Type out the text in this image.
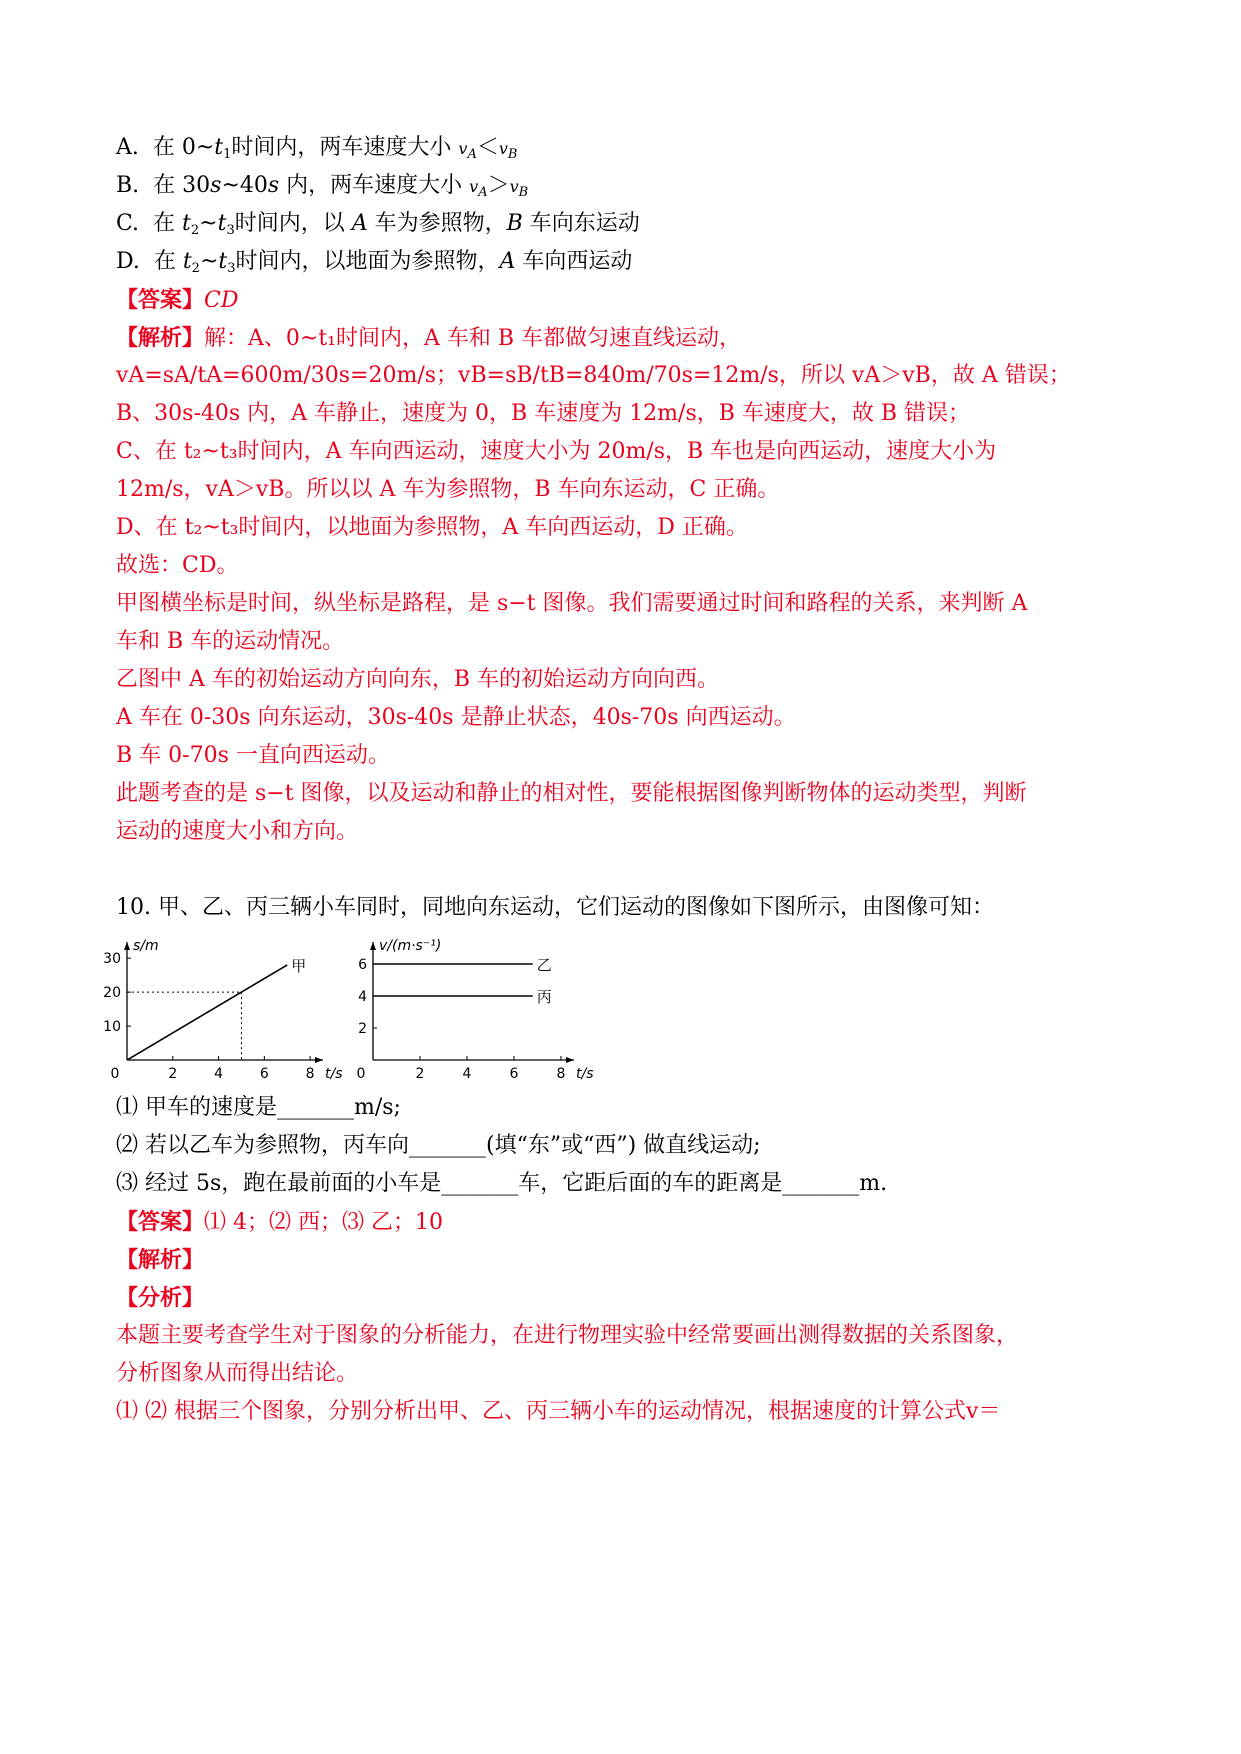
A.  在 $0\sim t_1$时间内，两车速度大小 $v_A<v_B$
B.  在 30s~40s 内，两车速度大小 $v_A>v_B$
C.  在 $t_2\sim t_3$时间内，以 A 车为参照物，B 车向东运动
D.  在 $t_2\sim t_3$时间内，以地面为参照物，A 车向西运动
【答案】CD
【解析】解：A、0~t₁时间内，A 车和 B 车都做匀速直线运动，
vA=sA/tA=600m/30s=20m/s；vB=sB/tB=840m/70s=12m/s，所以 vA＞vB，故 A 错误；
B、30s-40s 内，A 车静止，速度为 0，B 车速度为 12m/s，B 车速度大，故 B 错误；
C、在 t₂~t₃时间内，A 车向西运动，速度大小为 20m/s，B 车也是向西运动，速度大小为
12m/s，vA＞vB。所以以 A 车为参照物，B 车向东运动，C 正确。
D、在 t₂~t₃时间内，以地面为参照物，A 车向西运动，D 正确。
故选：CD。
甲图横坐标是时间，纵坐标是路程，是 s−t 图像。我们需要通过时间和路程的关系，来判断 A
车和 B 车的运动情况。
乙图中 A 车的初始运动方向向东，B 车的初始运动方向向西。
A 车在 0-30s 向东运动，30s-40s 是静止状态，40s-70s 向西运动。
B 车 0-70s 一直向西运动。
此题考查的是 s−t 图像，以及运动和静止的相对性，要能根据图像判断物体的运动类型，判断
运动的速度大小和方向。
10. 甲、乙、丙三辆小车同时，同地向东运动，它们运动的图像如下图所示，由图像可知：
0	2	4	6	8
10
20
30
t/s
s/m
甲
0	2	4	6	8
2
4
6
t/s
v/(m·s⁻¹)
乙
丙
⑴ 甲车的速度是_______m/s;
⑵ 若以乙车为参照物，丙车向_______(填“东”或“西”) 做直线运动;
⑶ 经过 5s，跑在最前面的小车是_______车，它距后面的车的距离是_______m.
【答案】⑴ 4；⑵ 西；⑶ 乙；10
【解析】
【分析】
本题主要考查学生对于图象的分析能力，在进行物理实验中经常要画出测得数据的关系图象，
分析图象从而得出结论。
⑴ ⑵ 根据三个图象，分别分析出甲、乙、丙三辆小车的运动情况，根据速度的计算公式v＝
